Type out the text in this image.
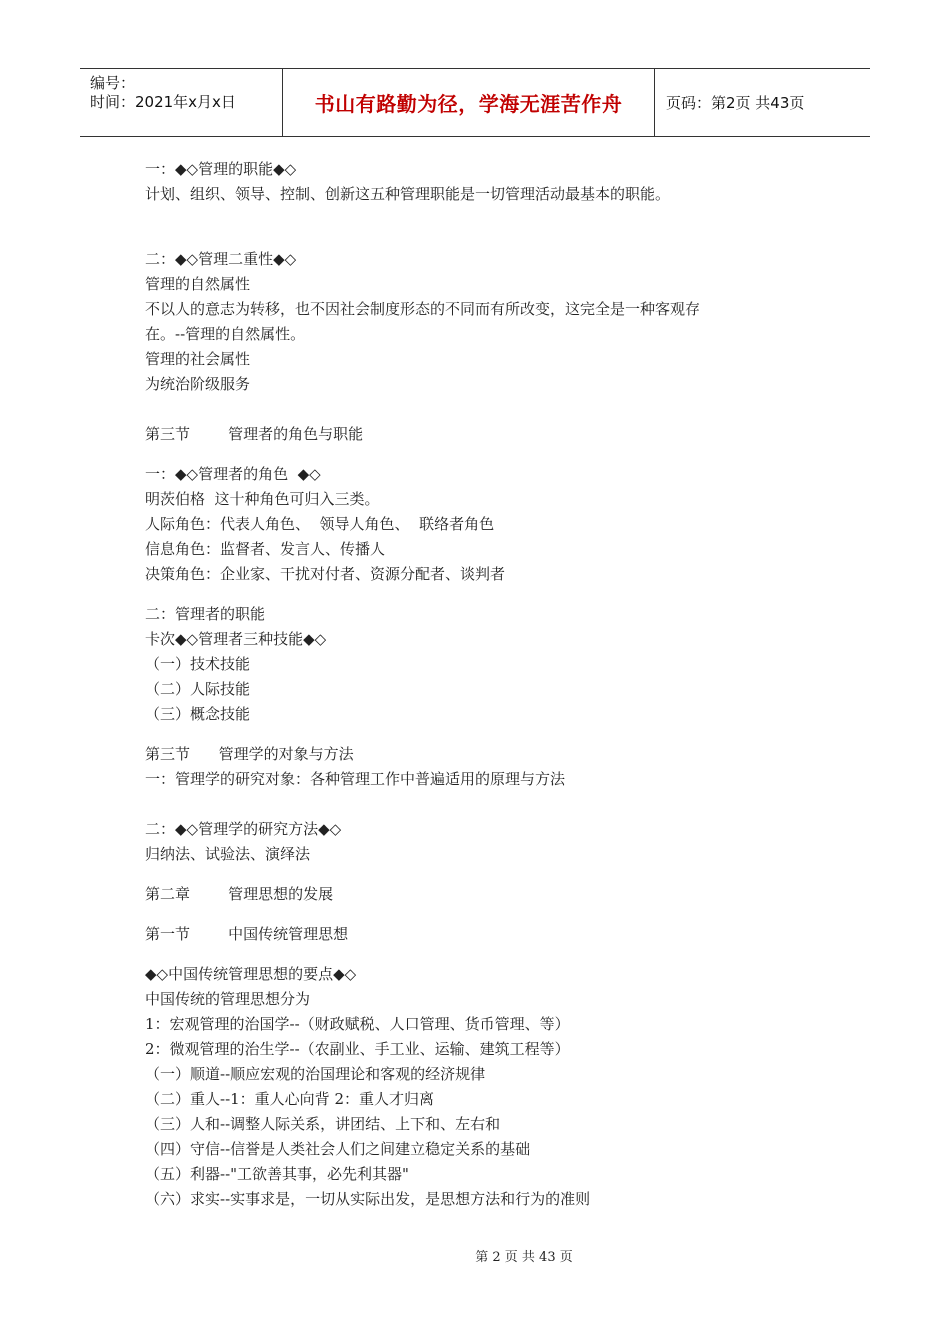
编号：
时间：2021年x月x日	书山有路勤为径，学海无涯苦作舟	页码：第2页 共43页
一：◆◇管理的职能◆◇
计划、组织、领导、控制、创新这五种管理职能是一切管理活动最基本的职能。
二：◆◇管理二重性◆◇
管理的自然属性
不以人的意志为转移，也不因社会制度形态的不同而有所改变，这完全是一种客观存
在。--管理的自然属性。
管理的社会属性
为统治阶级服务
第三节        管理者的角色与职能
一：◆◇管理者的角色  ◆◇
明茨伯格  这十种角色可归入三类。
人际角色：代表人角色、  领导人角色、  联络者角色
信息角色：监督者、发言人、传播人
决策角色：企业家、干扰对付者、资源分配者、谈判者
二：管理者的职能
卡次◆◇管理者三种技能◆◇
（一）技术技能
（二）人际技能
（三）概念技能
第三节      管理学的对象与方法
一：管理学的研究对象：各种管理工作中普遍适用的原理与方法
二：◆◇管理学的研究方法◆◇
归纳法、试验法、演绎法
第二章        管理思想的发展
第一节        中国传统管理思想
◆◇中国传统管理思想的要点◆◇
中国传统的管理思想分为
1：宏观管理的治国学--（财政赋税、人口管理、货币管理、等）
2：微观管理的治生学--（农副业、手工业、运输、建筑工程等）
（一）顺道--顺应宏观的治国理论和客观的经济规律
（二）重人--1：重人心向背 2：重人才归离
（三）人和--调整人际关系，讲团结、上下和、左右和
（四）守信--信誉是人类社会人们之间建立稳定关系的基础
（五）利器--"工欲善其事，必先利其器"
（六）求实--实事求是，一切从实际出发，是思想方法和行为的准则
第 2 页 共 43 页
